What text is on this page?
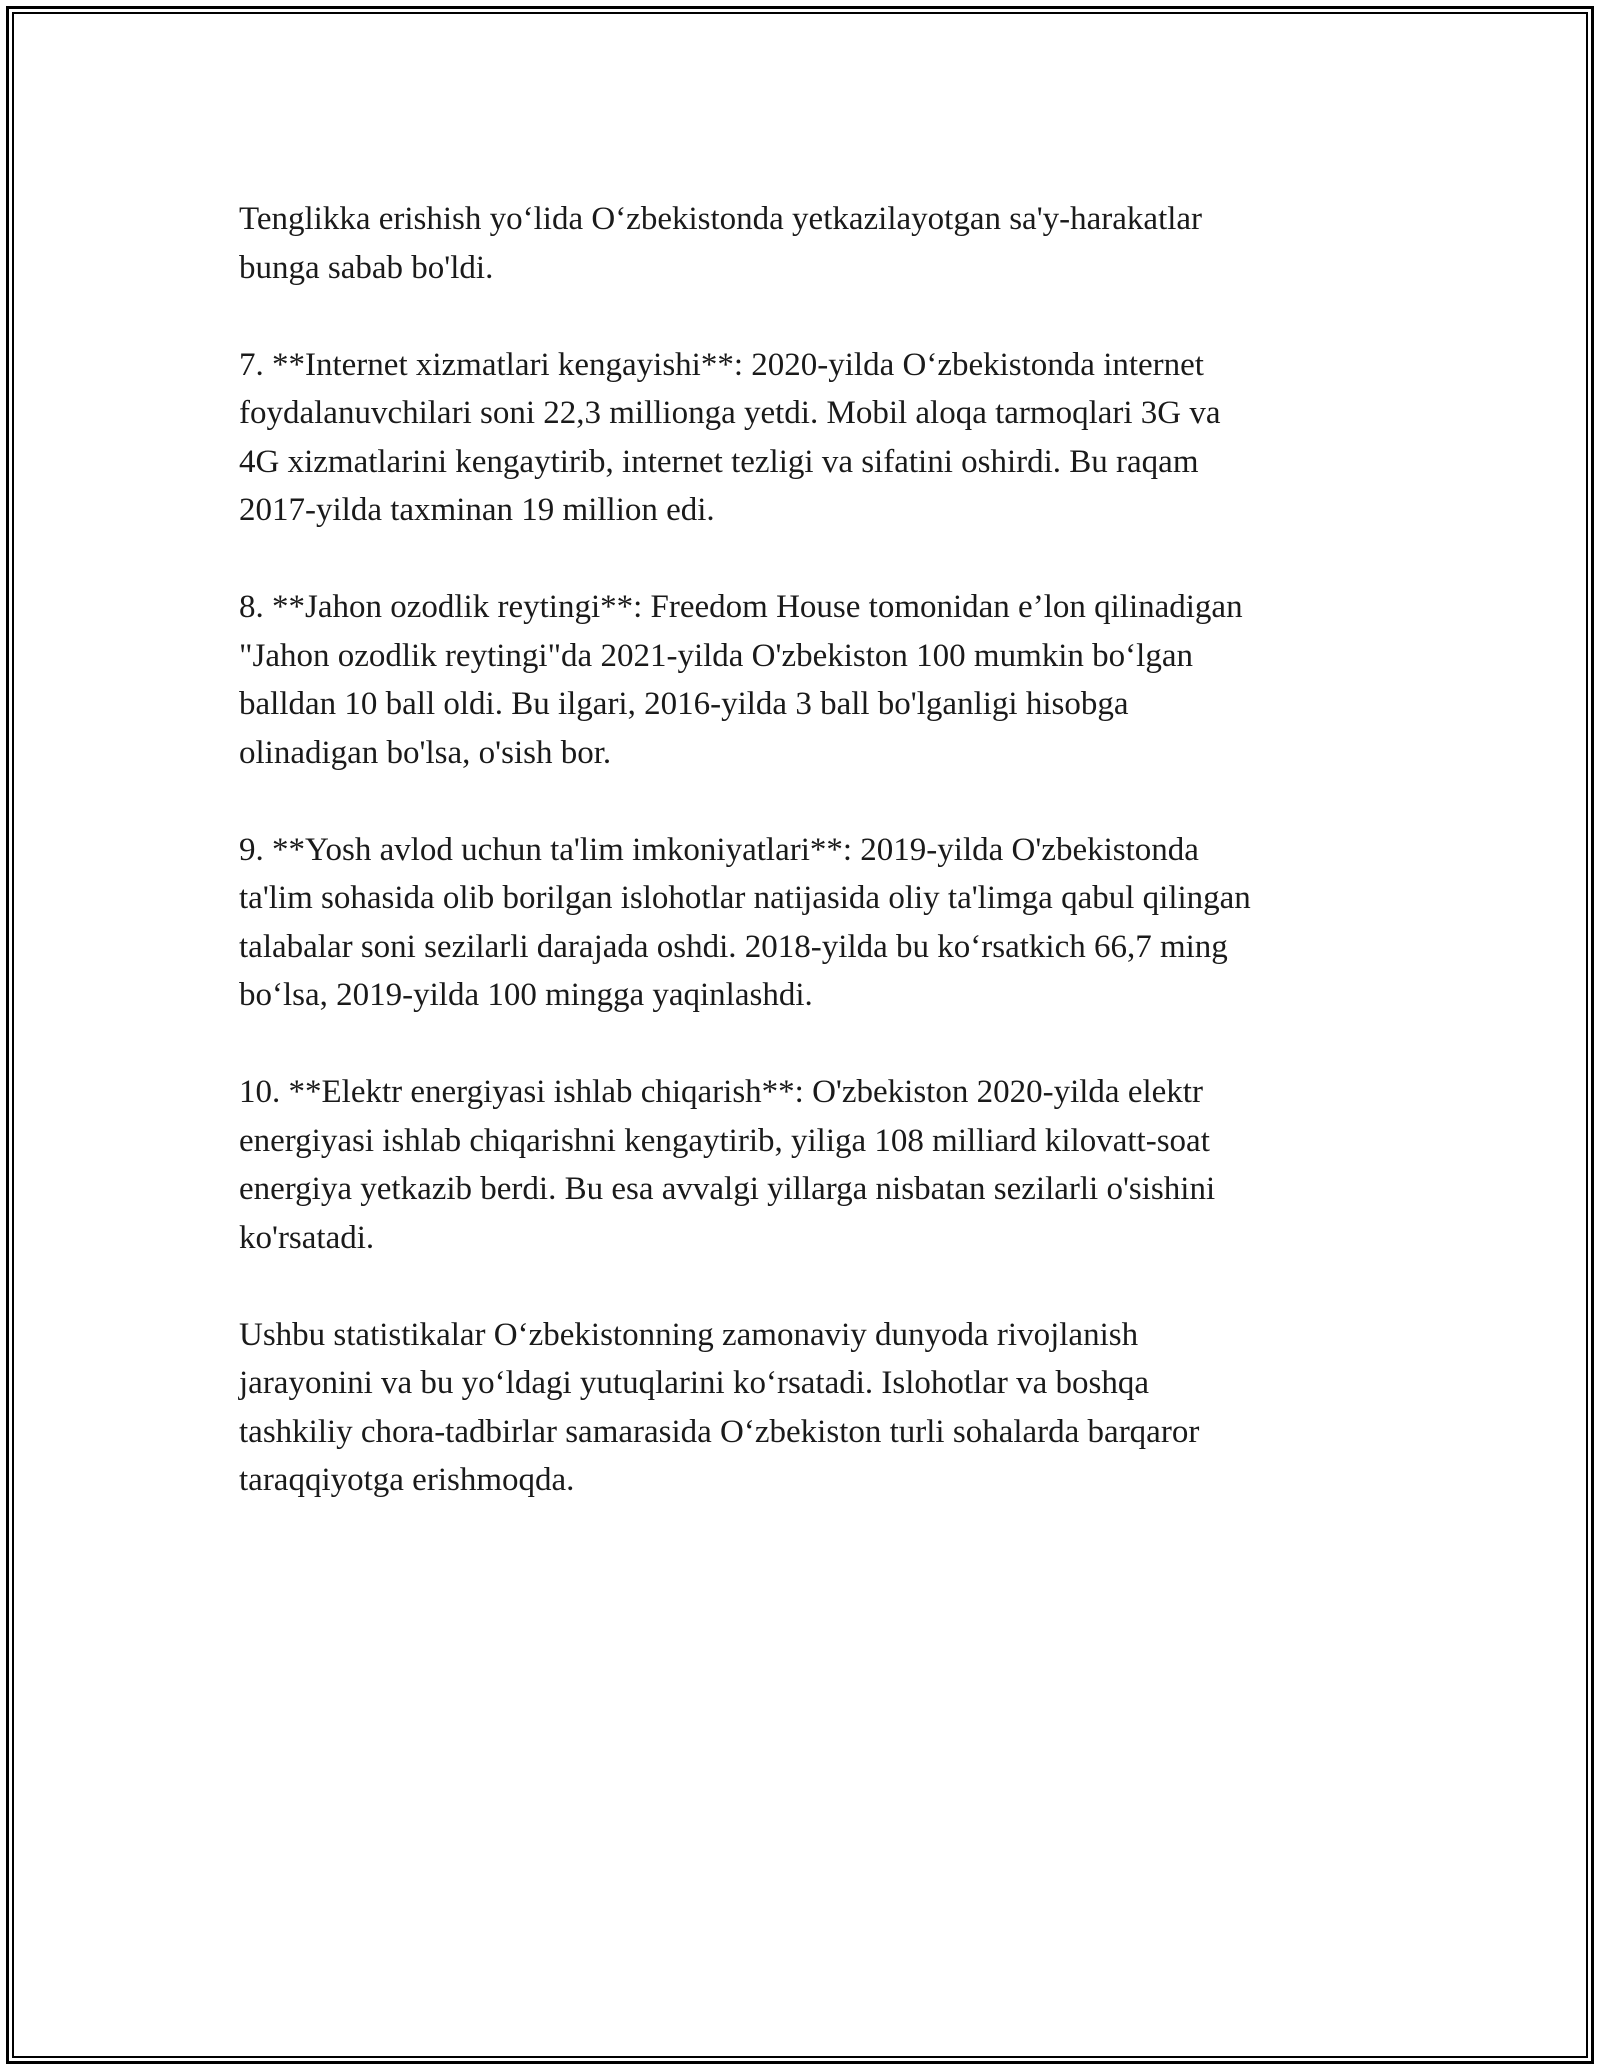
Tenglikka erishish yo‘lida O‘zbekistonda yetkazilayotgan sa'y-harakatlar
bunga sabab bo'ldi.

7. **Internet xizmatlari kengayishi**: 2020-yilda O‘zbekistonda internet
foydalanuvchilari soni 22,3 millionga yetdi. Mobil aloqa tarmoqlari 3G va
4G xizmatlarini kengaytirib, internet tezligi va sifatini oshirdi. Bu raqam
2017-yilda taxminan 19 million edi.

8. **Jahon ozodlik reytingi**: Freedom House tomonidan e’lon qilinadigan
"Jahon ozodlik reytingi"da 2021-yilda O'zbekiston 100 mumkin bo‘lgan
balldan 10 ball oldi. Bu ilgari, 2016-yilda 3 ball bo'lganligi hisobga
olinadigan bo'lsa, o'sish bor.

9. **Yosh avlod uchun ta'lim imkoniyatlari**: 2019-yilda O'zbekistonda
ta'lim sohasida olib borilgan islohotlar natijasida oliy ta'limga qabul qilingan
talabalar soni sezilarli darajada oshdi. 2018-yilda bu ko‘rsatkich 66,7 ming
bo‘lsa, 2019-yilda 100 mingga yaqinlashdi.

10. **Elektr energiyasi ishlab chiqarish**: O'zbekiston 2020-yilda elektr
energiyasi ishlab chiqarishni kengaytirib, yiliga 108 milliard kilovatt-soat
energiya yetkazib berdi. Bu esa avvalgi yillarga nisbatan sezilarli o'sishini
ko'rsatadi.

Ushbu statistikalar O‘zbekistonning zamonaviy dunyoda rivojlanish
jarayonini va bu yo‘ldagi yutuqlarini ko‘rsatadi. Islohotlar va boshqa
tashkiliy chora-tadbirlar samarasida O‘zbekiston turli sohalarda barqaror
taraqqiyotga erishmoqda.
